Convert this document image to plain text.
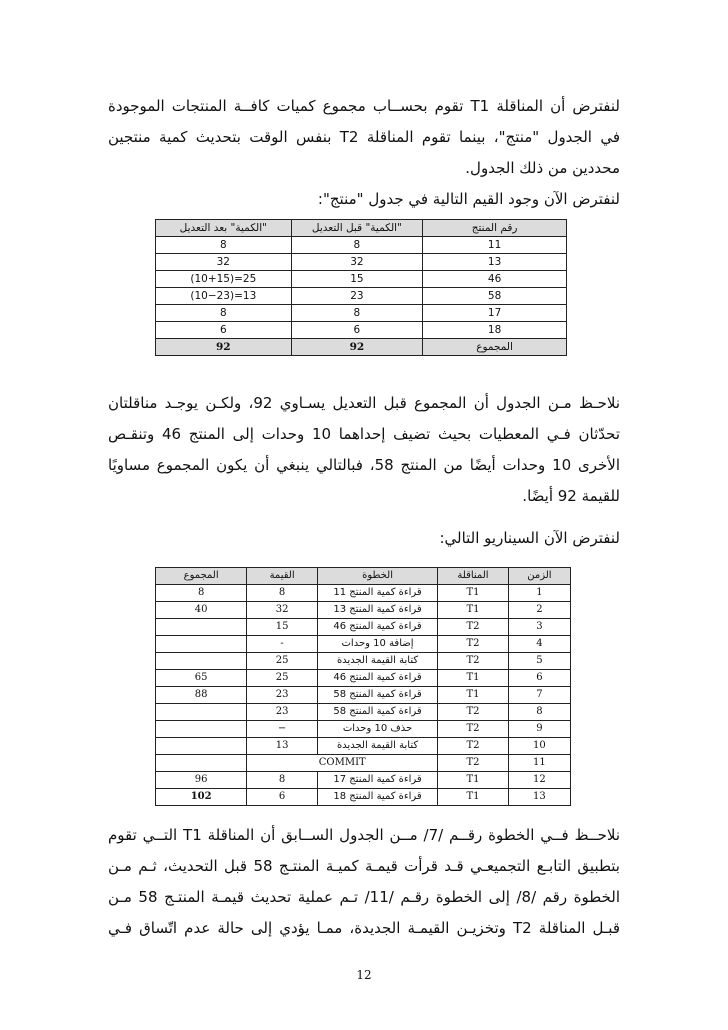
لنفترض أن المناقلة T1 تقوم بحســاب مجموع كميات كافــة المنتجات الموجودة
في الجدول "منتج"، بينما تقوم المناقلة T2 بنفس الوقت بتحديث كمية منتجين
محددين من ذلك الجدول.
لنفترض الآن وجود القيم التالية في جدول "منتج":
رقم المنتج	"الكمية" قبل التعديل	"الكمية" بعد التعديل
11	8	8
13	32	32
46	15	25=(10+15)
58	23	13=(10−23)
17	8	8
18	6	6
المجموع	92	92
نلاحـظ مـن الجدول أن المجموع قبل التعديل يسـاوي 92، ولكـن يوجـد مناقلتان
تحدّثان فـي المعطيات بحيث تضيف إحداهما 10 وحدات إلى المنتج 46 وتنقـص
الأخرى 10 وحدات أيضًا من المنتج 58، فبالتالي ينبغي أن يكون المجموع مساويًا
للقيمة 92 أيضًا.
لنفترض الآن السيناريو التالي:
الزمن	المناقلة	الخطوة	القيمة	المجموع
1	T1	قراءة كمية المنتج 11	8	8
2	T1	قراءة كمية المنتج 13	32	40
3	T2	قراءة كمية المنتج 46	15	
4	T2	إضافة 10 وحدات	-	
5	T2	كتابة القيمة الجديدة	25	
6	T1	قراءة كمية المنتج 46	25	65
7	T1	قراءة كمية المنتج 58	23	88
8	T2	قراءة كمية المنتج 58	23	
9	T2	حذف 10 وحدات	−	
10	T2	كتابة القيمة الجديدة	13	
11	T2	COMMIT		
12	T1	قراءة كمية المنتج 17	8	96
13	T1	قراءة كمية المنتج 18	6	102
نلاحــظ فــي الخطوة رقــم /7/ مــن الجدول الســابق أن المناقلة T1 التــي تقوم
بتطبيق التابـع التجميعـي قـد قرأت قيمـة كميـة المنتـج 58 قبل التحديث، ثـم مـن
الخطوة رقم /8/ إلى الخطوة رقـم /11/ تـم عملية تحديث قيمـة المنتـج 58 مـن
قبـل المناقلة T2 وتخزيـن القيمـة الجديدة، ممـا يؤدي إلى حالة عدم اتّساق فـي
12
